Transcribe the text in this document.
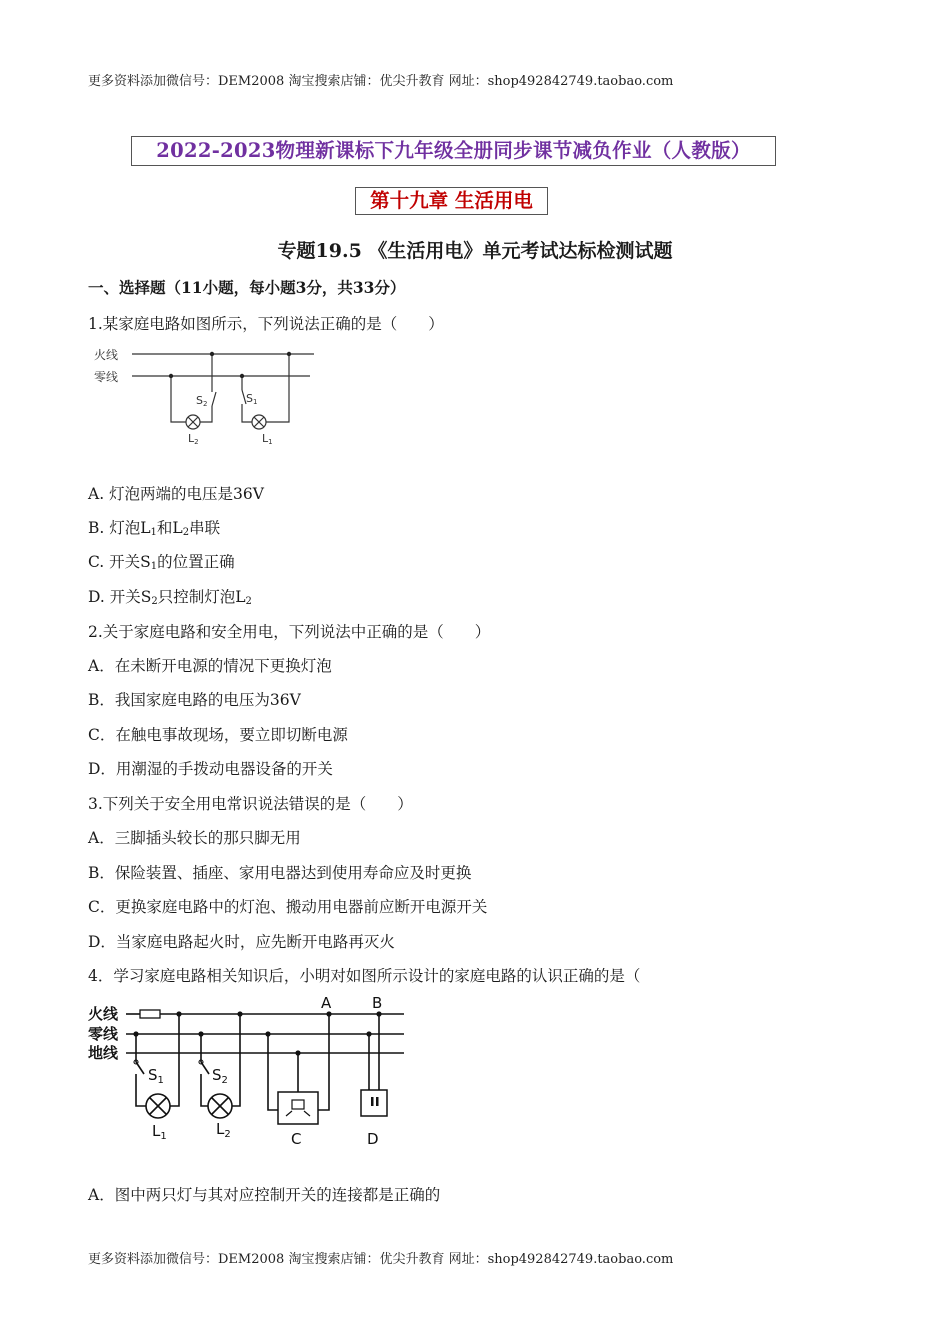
更多资料添加微信号：DEM2008 淘宝搜索店铺：优尖升教育 网址：shop492842749.taobao.com
2022-2023物理新课标下九年级全册同步课节减负作业（人教版）
第十九章 生活用电
专题19.5 《生活用电》单元考试达标检测试题
一、选择题（11小题，每小题3分，共33分）
1.某家庭电路如图所示，下列说法正确的是（　　）
火线
零线
S2	S1
L2	L1
A. 灯泡两端的电压是36V
B. 灯泡$L_1$和$L_2$串联
C. 开关$S_1$的位置正确
D. 开关$S_2$只控制灯泡$L_2$
2.关于家庭电路和安全用电，下列说法中正确的是（　　）
A．在未断开电源的情况下更换灯泡
B．我国家庭电路的电压为36V
C．在触电事故现场，要立即切断电源
D．用潮湿的手拨动电器设备的开关
3.下列关于安全用电常识说法错误的是（　　）
A．三脚插头较长的那只脚无用
B．保险装置、插座、家用电器达到使用寿命应及时更换
C．更换家庭电路中的灯泡、搬动用电器前应断开电源开关
D．当家庭电路起火时，应先断开电路再灭火
4．学习家庭电路相关知识后，小明对如图所示设计的家庭电路的认识正确的是（
火线
零线
地线
A	B
C	D
$S_1$	$S_2$
$L_1$	$L_2$
A．图中两只灯与其对应控制开关的连接都是正确的
更多资料添加微信号：DEM2008 淘宝搜索店铺：优尖升教育 网址：shop492842749.taobao.com
